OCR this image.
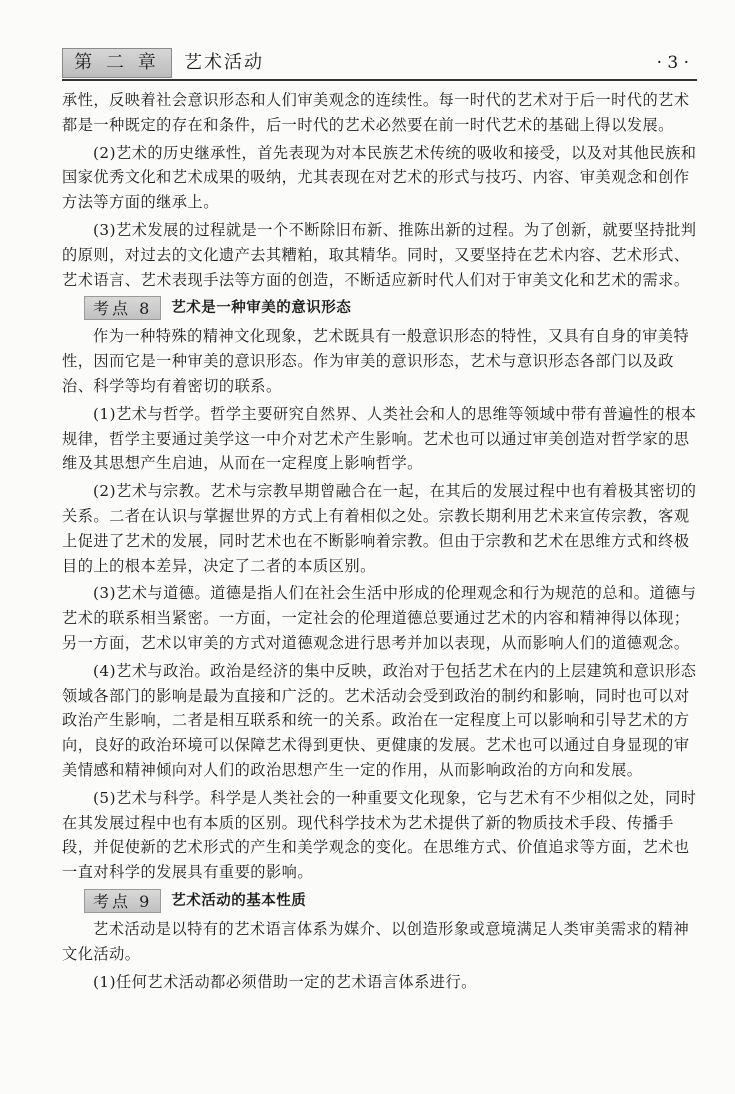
第 二 章	艺术活动	· 3 ·

承性，反映着社会意识形态和人们审美观念的连续性。每一时代的艺术对于后一时代的艺术都是一种既定的存在和条件，后一时代的艺术必然要在前一时代艺术的基础上得以发展。

(2)艺术的历史继承性，首先表现为对本民族艺术传统的吸收和接受，以及对其他民族和国家优秀文化和艺术成果的吸纳，尤其表现在对艺术的形式与技巧、内容、审美观念和创作方法等方面的继承上。

(3)艺术发展的过程就是一个不断除旧布新、推陈出新的过程。为了创新，就要坚持批判的原则，对过去的文化遗产去其糟粕，取其精华。同时，又要坚持在艺术内容、艺术形式、艺术语言、艺术表现手法等方面的创造，不断适应新时代人们对于审美文化和艺术的需求。

考点 8	艺术是一种审美的意识形态

作为一种特殊的精神文化现象，艺术既具有一般意识形态的特性，又具有自身的审美特性，因而它是一种审美的意识形态。作为审美的意识形态，艺术与意识形态各部门以及政治、科学等均有着密切的联系。

(1)艺术与哲学。哲学主要研究自然界、人类社会和人的思维等领域中带有普遍性的根本规律，哲学主要通过美学这一中介对艺术产生影响。艺术也可以通过审美创造对哲学家的思维及其思想产生启迪，从而在一定程度上影响哲学。

(2)艺术与宗教。艺术与宗教早期曾融合在一起，在其后的发展过程中也有着极其密切的关系。二者在认识与掌握世界的方式上有着相似之处。宗教长期利用艺术来宣传宗教，客观上促进了艺术的发展，同时艺术也在不断影响着宗教。但由于宗教和艺术在思维方式和终极目的上的根本差异，决定了二者的本质区别。

(3)艺术与道德。道德是指人们在社会生活中形成的伦理观念和行为规范的总和。道德与艺术的联系相当紧密。一方面，一定社会的伦理道德总要通过艺术的内容和精神得以体现；另一方面，艺术以审美的方式对道德观念进行思考并加以表现，从而影响人们的道德观念。

(4)艺术与政治。政治是经济的集中反映，政治对于包括艺术在内的上层建筑和意识形态领域各部门的影响是最为直接和广泛的。艺术活动会受到政治的制约和影响，同时也可以对政治产生影响，二者是相互联系和统一的关系。政治在一定程度上可以影响和引导艺术的方向，良好的政治环境可以保障艺术得到更快、更健康的发展。艺术也可以通过自身显现的审美情感和精神倾向对人们的政治思想产生一定的作用，从而影响政治的方向和发展。

(5)艺术与科学。科学是人类社会的一种重要文化现象，它与艺术有不少相似之处，同时在其发展过程中也有本质的区别。现代科学技术为艺术提供了新的物质技术手段、传播手段，并促使新的艺术形式的产生和美学观念的变化。在思维方式、价值追求等方面，艺术也一直对科学的发展具有重要的影响。

考点 9	艺术活动的基本性质

艺术活动是以特有的艺术语言体系为媒介、以创造形象或意境满足人类审美需求的精神文化活动。

(1)任何艺术活动都必须借助一定的艺术语言体系进行。
